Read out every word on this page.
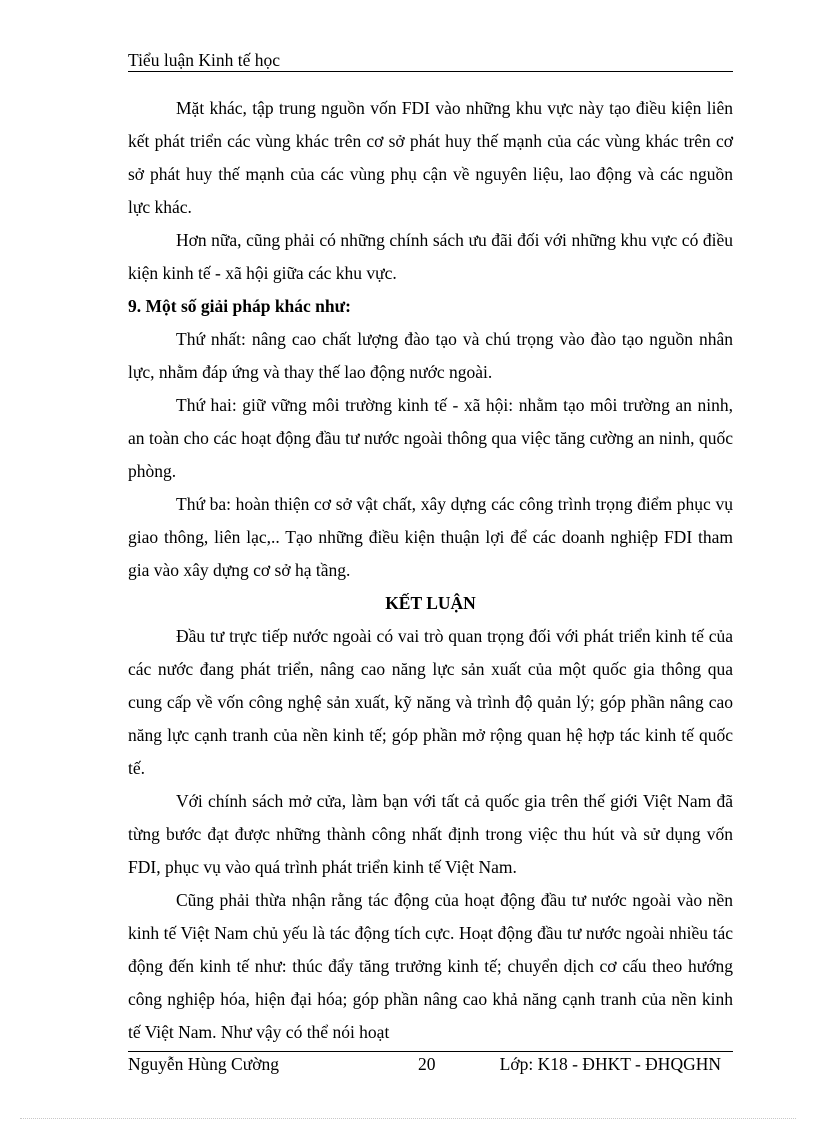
Tiểu luận Kinh tế học

Mặt khác, tập trung nguồn vốn FDI vào những khu vực này tạo điều kiện liên kết phát triển các vùng khác trên cơ sở phát huy thế mạnh của các vùng khác trên cơ sở phát huy thế mạnh của các vùng phụ cận về nguyên liệu, lao động và các nguồn lực khác.

Hơn nữa, cũng phải có những chính sách ưu đãi đối với những khu vực có điều kiện kinh tế - xã hội giữa các khu vực.

9. Một số giải pháp khác như:

Thứ nhất: nâng cao chất lượng đào tạo và chú trọng vào đào tạo nguồn nhân lực, nhằm đáp ứng và thay thế lao động nước ngoài.

Thứ hai: giữ vững môi trường kinh tế - xã hội: nhằm tạo môi trường an ninh, an toàn cho các hoạt động đầu tư nước ngoài thông qua việc tăng cường an ninh, quốc phòng.

Thứ ba: hoàn thiện cơ sở vật chất, xây dựng các công trình trọng điểm phục vụ giao thông, liên lạc,.. Tạo những điều kiện thuận lợi để các doanh nghiệp FDI tham gia vào xây dựng cơ sở hạ tầng.

KẾT LUẬN

Đầu tư trực tiếp nước ngoài có vai trò quan trọng đối với phát triển kinh tế của các nước đang phát triển, nâng cao năng lực sản xuất của một quốc gia thông qua cung cấp về vốn công nghệ sản xuất, kỹ năng và trình độ quản lý; góp phần nâng cao năng lực cạnh tranh của nền kinh tế; góp phần mở rộng quan hệ hợp tác kinh tế quốc tế.

Với chính sách mở cửa, làm bạn với tất cả quốc gia trên thế giới Việt Nam đã từng bước đạt được những thành công nhất định trong việc thu hút và sử dụng vốn FDI, phục vụ vào quá trình phát triển kinh tế Việt Nam.

Cũng phải thừa nhận rằng tác động của hoạt động đầu tư nước ngoài vào nền kinh tế Việt Nam chủ yếu là tác động tích cực. Hoạt động đầu tư nước ngoài nhiều tác động đến kinh tế như: thúc đẩy tăng trưởng kinh tế; chuyển dịch cơ cấu theo hướng công nghiệp hóa, hiện đại hóa; góp phần nâng cao khả năng cạnh tranh của nền kinh tế Việt Nam. Như vậy có thể nói hoạt

Nguyễn Hùng Cường	20	Lớp: K18 - ĐHKT - ĐHQGHN
